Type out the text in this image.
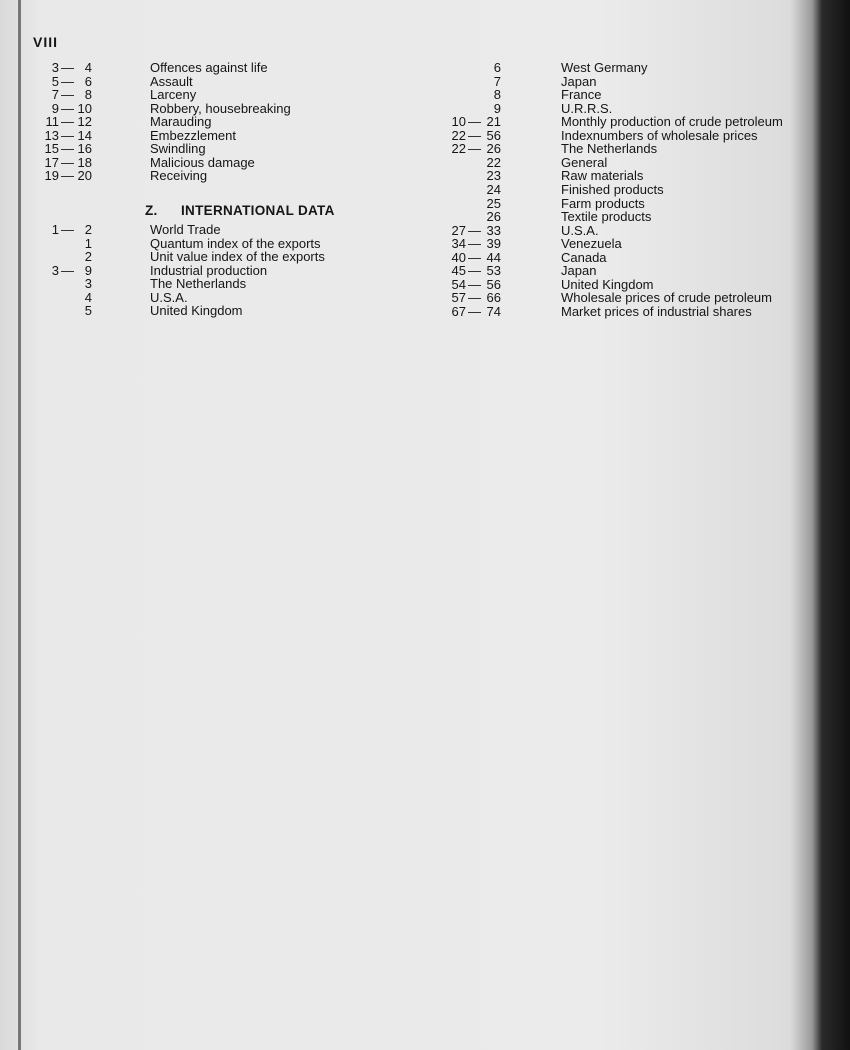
VIII
3 — 4	Offences against life
5 — 6	Assault
7 — 8	Larceny
9 — 10	Robbery, housebreaking
11 — 12	Marauding
13 — 14	Embezzlement
15 — 16	Swindling
17 — 18	Malicious damage
19 — 20	Receiving
1 — 2	World Trade
1	Quantum index of the exports
2	Unit value index of the exports
3 — 9	Industrial production
3	The Netherlands
4	U.S.A.
5	United Kingdom
Z. INTERNATIONAL DATA
6	West Germany
7	Japan
8	France
9	U.R.R.S.
10 — 21	Monthly production of crude petroleum
22 — 56	Indexnumbers of wholesale prices
22 — 26	The Netherlands
22	General
23	Raw materials
24	Finished products
25	Farm products
26	Textile products
27 — 33	U.S.A.
34 — 39	Venezuela
40 — 44	Canada
45 — 53	Japan
54 — 56	United Kingdom
57 — 66	Wholesale prices of crude petroleum
67 — 74	Market prices of industrial shares
